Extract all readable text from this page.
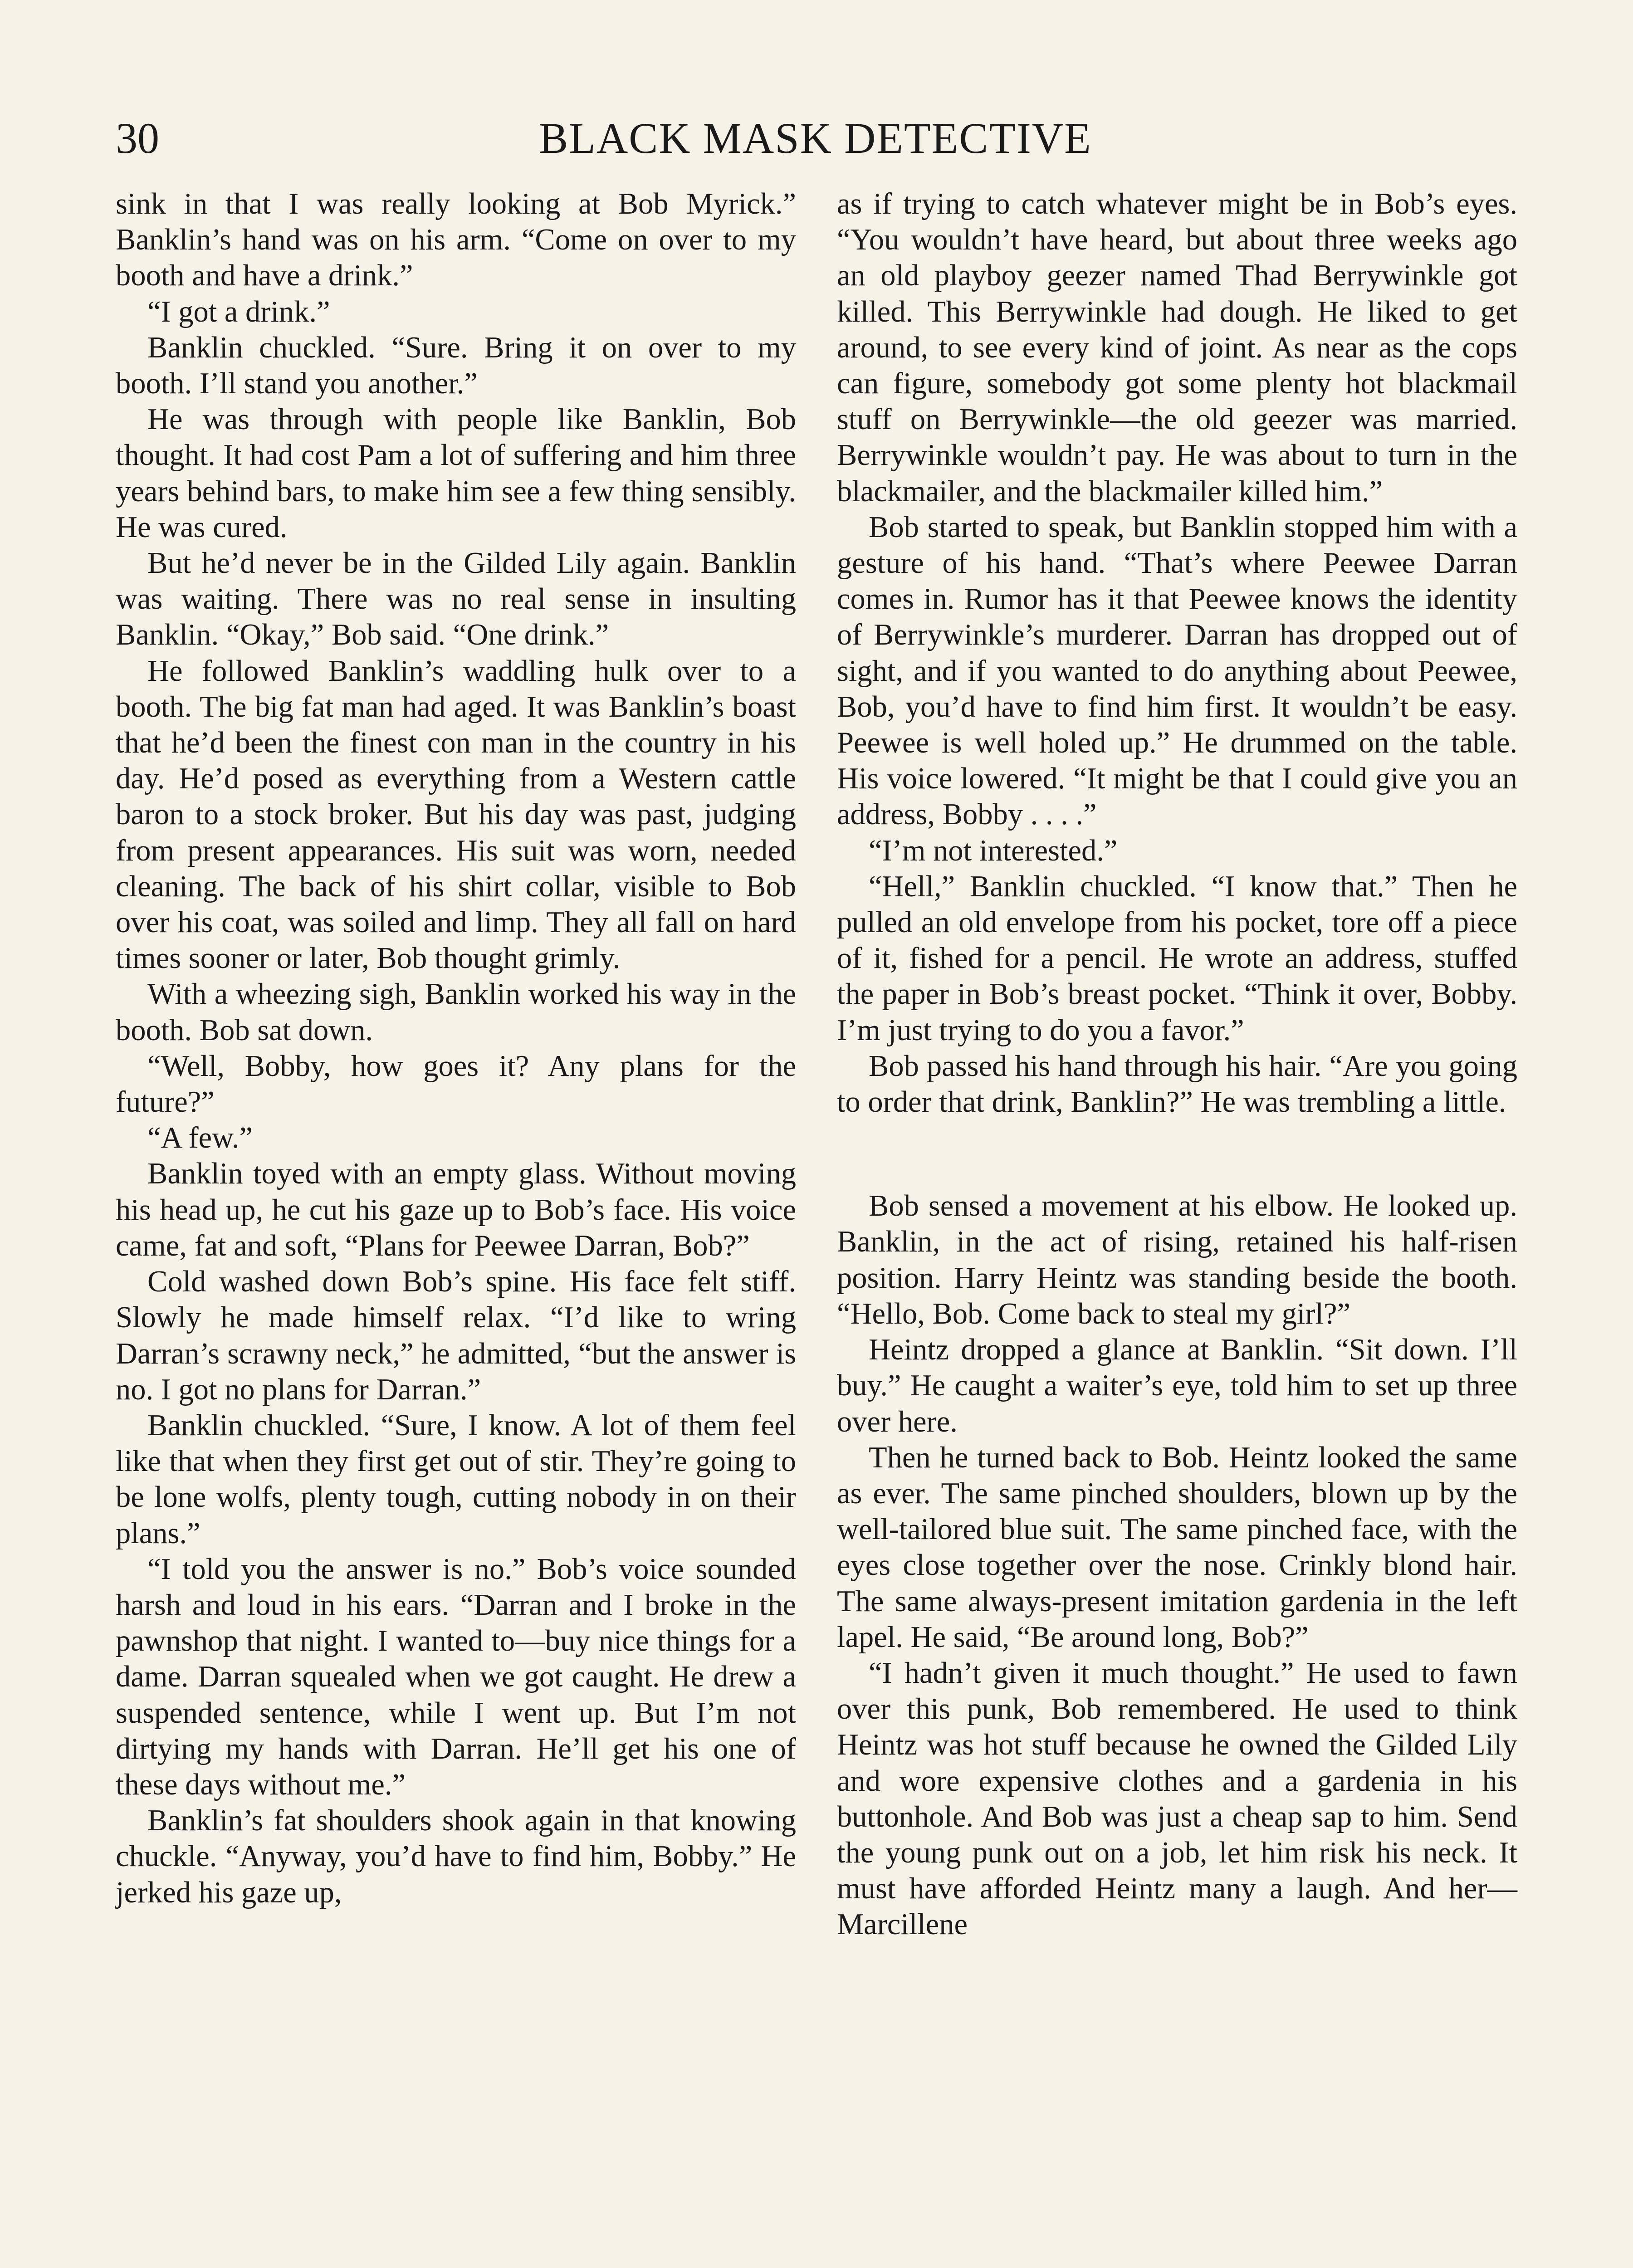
30	BLACK MASK DETECTIVE

sink in that I was really looking at Bob Myrick.” Banklin’s hand was on his arm. “Come on over to my booth and have a drink.”

“I got a drink.”

Banklin chuckled. “Sure. Bring it on over to my booth. I’ll stand you another.”

He was through with people like Banklin, Bob thought. It had cost Pam a lot of suffering and him three years behind bars, to make him see a few thing sensibly. He was cured.

But he’d never be in the Gilded Lily again. Banklin was waiting. There was no real sense in insulting Banklin. “Okay,” Bob said. “One drink.”

He followed Banklin’s waddling hulk over to a booth. The big fat man had aged. It was Banklin’s boast that he’d been the finest con man in the country in his day. He’d posed as everything from a Western cattle baron to a stock broker. But his day was past, judging from present appearances. His suit was worn, needed cleaning. The back of his shirt collar, visible to Bob over his coat, was soiled and limp. They all fall on hard times sooner or later, Bob thought grimly.

With a wheezing sigh, Banklin worked his way in the booth. Bob sat down.

“Well, Bobby, how goes it? Any plans for the future?”

“A few.”

Banklin toyed with an empty glass. Without moving his head up, he cut his gaze up to Bob’s face. His voice came, fat and soft, “Plans for Peewee Darran, Bob?”

Cold washed down Bob’s spine. His face felt stiff. Slowly he made himself relax. “I’d like to wring Darran’s scrawny neck,” he admitted, “but the answer is no. I got no plans for Darran.”

Banklin chuckled. “Sure, I know. A lot of them feel like that when they first get out of stir. They’re going to be lone wolfs, plenty tough, cutting nobody in on their plans.”

“I told you the answer is no.” Bob’s voice sounded harsh and loud in his ears. “Darran and I broke in the pawnshop that night. I wanted to—buy nice things for a dame. Darran squealed when we got caught. He drew a suspended sentence, while I went up. But I’m not dirtying my hands with Darran. He’ll get his one of these days without me.”

Banklin’s fat shoulders shook again in that knowing chuckle. “Anyway, you’d have to find him, Bobby.” He jerked his gaze up,

as if trying to catch whatever might be in Bob’s eyes. “You wouldn’t have heard, but about three weeks ago an old playboy geezer named Thad Berrywinkle got killed. This Berrywinkle had dough. He liked to get around, to see every kind of joint. As near as the cops can figure, somebody got some plenty hot blackmail stuff on Berrywinkle—the old geezer was married. Berrywinkle wouldn’t pay. He was about to turn in the blackmailer, and the blackmailer killed him.”

Bob started to speak, but Banklin stopped him with a gesture of his hand. “That’s where Peewee Darran comes in. Rumor has it that Peewee knows the identity of Berrywinkle’s murderer. Darran has dropped out of sight, and if you wanted to do anything about Peewee, Bob, you’d have to find him first. It wouldn’t be easy. Peewee is well holed up.” He drummed on the table. His voice lowered. “It might be that I could give you an address, Bobby . . . .”

“I’m not interested.”

“Hell,” Banklin chuckled. “I know that.” Then he pulled an old envelope from his pocket, tore off a piece of it, fished for a pencil. He wrote an address, stuffed the paper in Bob’s breast pocket. “Think it over, Bobby. I’m just trying to do you a favor.”

Bob passed his hand through his hair. “Are you going to order that drink, Banklin?” He was trembling a little.

Bob sensed a movement at his elbow. He looked up. Banklin, in the act of rising, retained his half-risen position. Harry Heintz was standing beside the booth. “Hello, Bob. Come back to steal my girl?”

Heintz dropped a glance at Banklin. “Sit down. I’ll buy.” He caught a waiter’s eye, told him to set up three over here.

Then he turned back to Bob. Heintz looked the same as ever. The same pinched shoulders, blown up by the well-tailored blue suit. The same pinched face, with the eyes close together over the nose. Crinkly blond hair. The same always-present imitation gardenia in the left lapel. He said, “Be around long, Bob?”

“I hadn’t given it much thought.” He used to fawn over this punk, Bob remembered. He used to think Heintz was hot stuff because he owned the Gilded Lily and wore expensive clothes and a gardenia in his buttonhole. And Bob was just a cheap sap to him. Send the young punk out on a job, let him risk his neck. It must have afforded Heintz many a laugh. And her—Marcillene
